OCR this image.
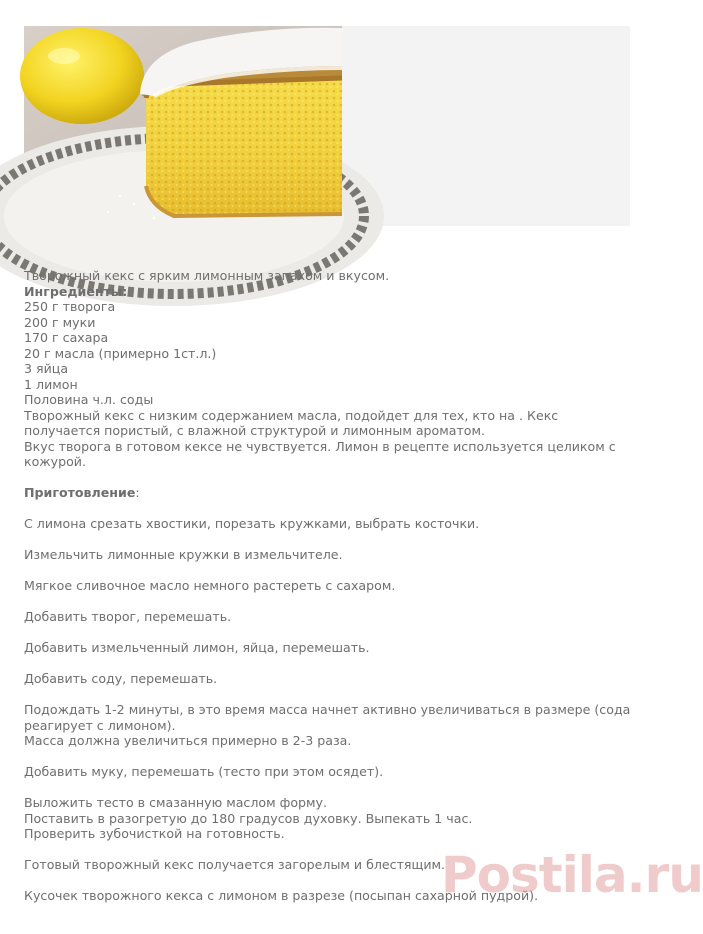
Творожный кекс с ярким лимонным запахом и вкусом.
Ингредиенты:
250 г творога
200 г муки
170 г сахара
20 г масла (примерно 1ст.л.)
3 яйца
1 лимон
Половина ч.л. соды
Творожный кекс с низким содержанием масла, подойдет для тех, кто на . Кекс получается пористый, с влажной структурой и лимонным ароматом.
Вкус творога в готовом кексе не чувствуется. Лимон в рецепте используется целиком с кожурой.
Приготовление:
С лимона срезать хвостики, порезать кружками, выбрать косточки.
Измельчить лимонные кружки в измельчителе.
Мягкое сливочное масло немного растереть с сахаром.
Добавить творог, перемешать.
Добавить измельченный лимон, яйца, перемешать.
Добавить соду, перемешать.
Подождать 1-2 минуты, в это время масса начнет активно увеличиваться в размере (сода реагирует с лимоном).
Масса должна увеличиться примерно в 2-3 раза.
Добавить муку, перемешать (тесто при этом осядет).
Выложить тесто в смазанную маслом форму.
Поставить в разогретую до 180 градусов духовку. Выпекать 1 час.
Проверить зубочисткой на готовность.
Готовый творожный кекс получается загорелым и блестящим.
Кусочек творожного кекса с лимоном в разрезе (посыпан сахарной пудрой).
Postila.ru
